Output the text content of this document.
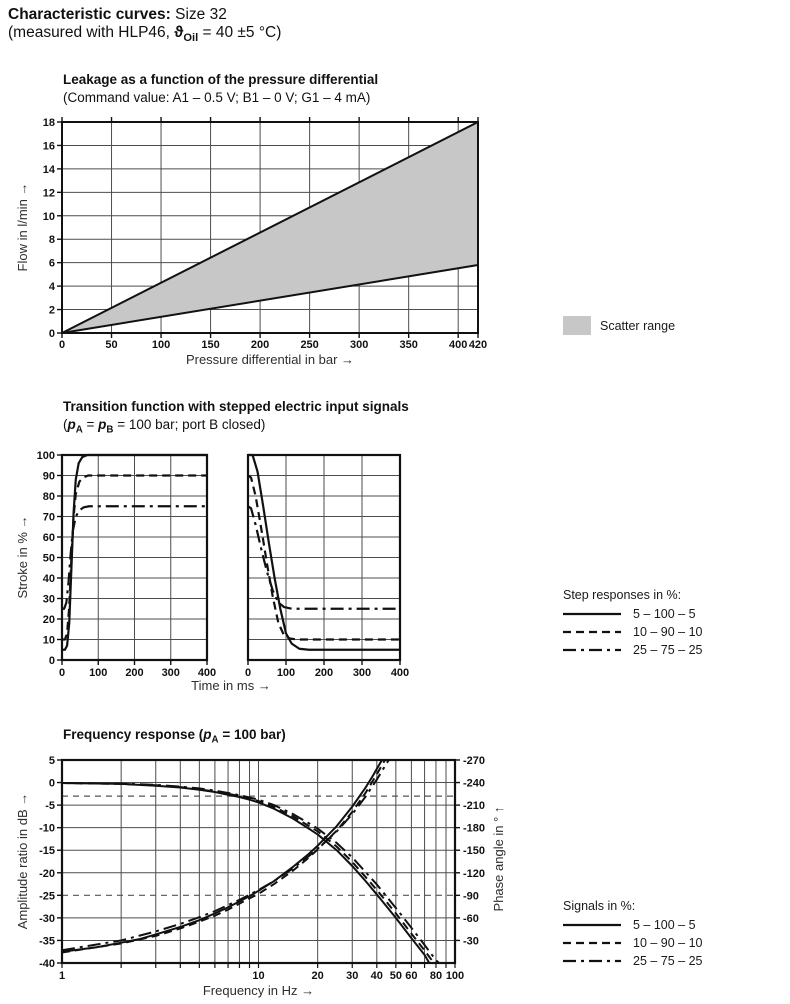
Characteristic curves: Size 32
(measured with HLP46, $ϑ_{Oil} = 40 \pm 5$ °C)
Leakage as a function of the pressure differential
(Command value: A1 – 0.5 V; B1 – 0 V; G1 – 4 mA)
Flow in l/min →
0	50	100	150	200	250	300	350	400 420
0
2
4
6
8
10
12
14
16
18
Pressure differential in bar →
Scatter range
Transition function with stepped electric input signals
($p_A = p_B = 100$ bar; port B closed)
Stroke in % →
0 100 200 300 400
0
10
20
30
40
50
60
70
80
90
100
0 100 200 300 400
Time in ms →
Step responses in %:
5 – 100 – 5
10 – 90 – 10
25 – 75 – 25
Frequency response ($p_A = 100$ bar)
Amplitude ratio in dB →	Phase angle in ° ↑
1	10	20 30 40 50 60 80 100
-40
-35
-30
-25
-20
-15
-10
-5
0
5	-270
-240
-210
-180
-150
-120
-90
-60
-30
Frequency in Hz →
Signals in %:
5 – 100 – 5
10 – 90 – 10
25 – 75 – 25
